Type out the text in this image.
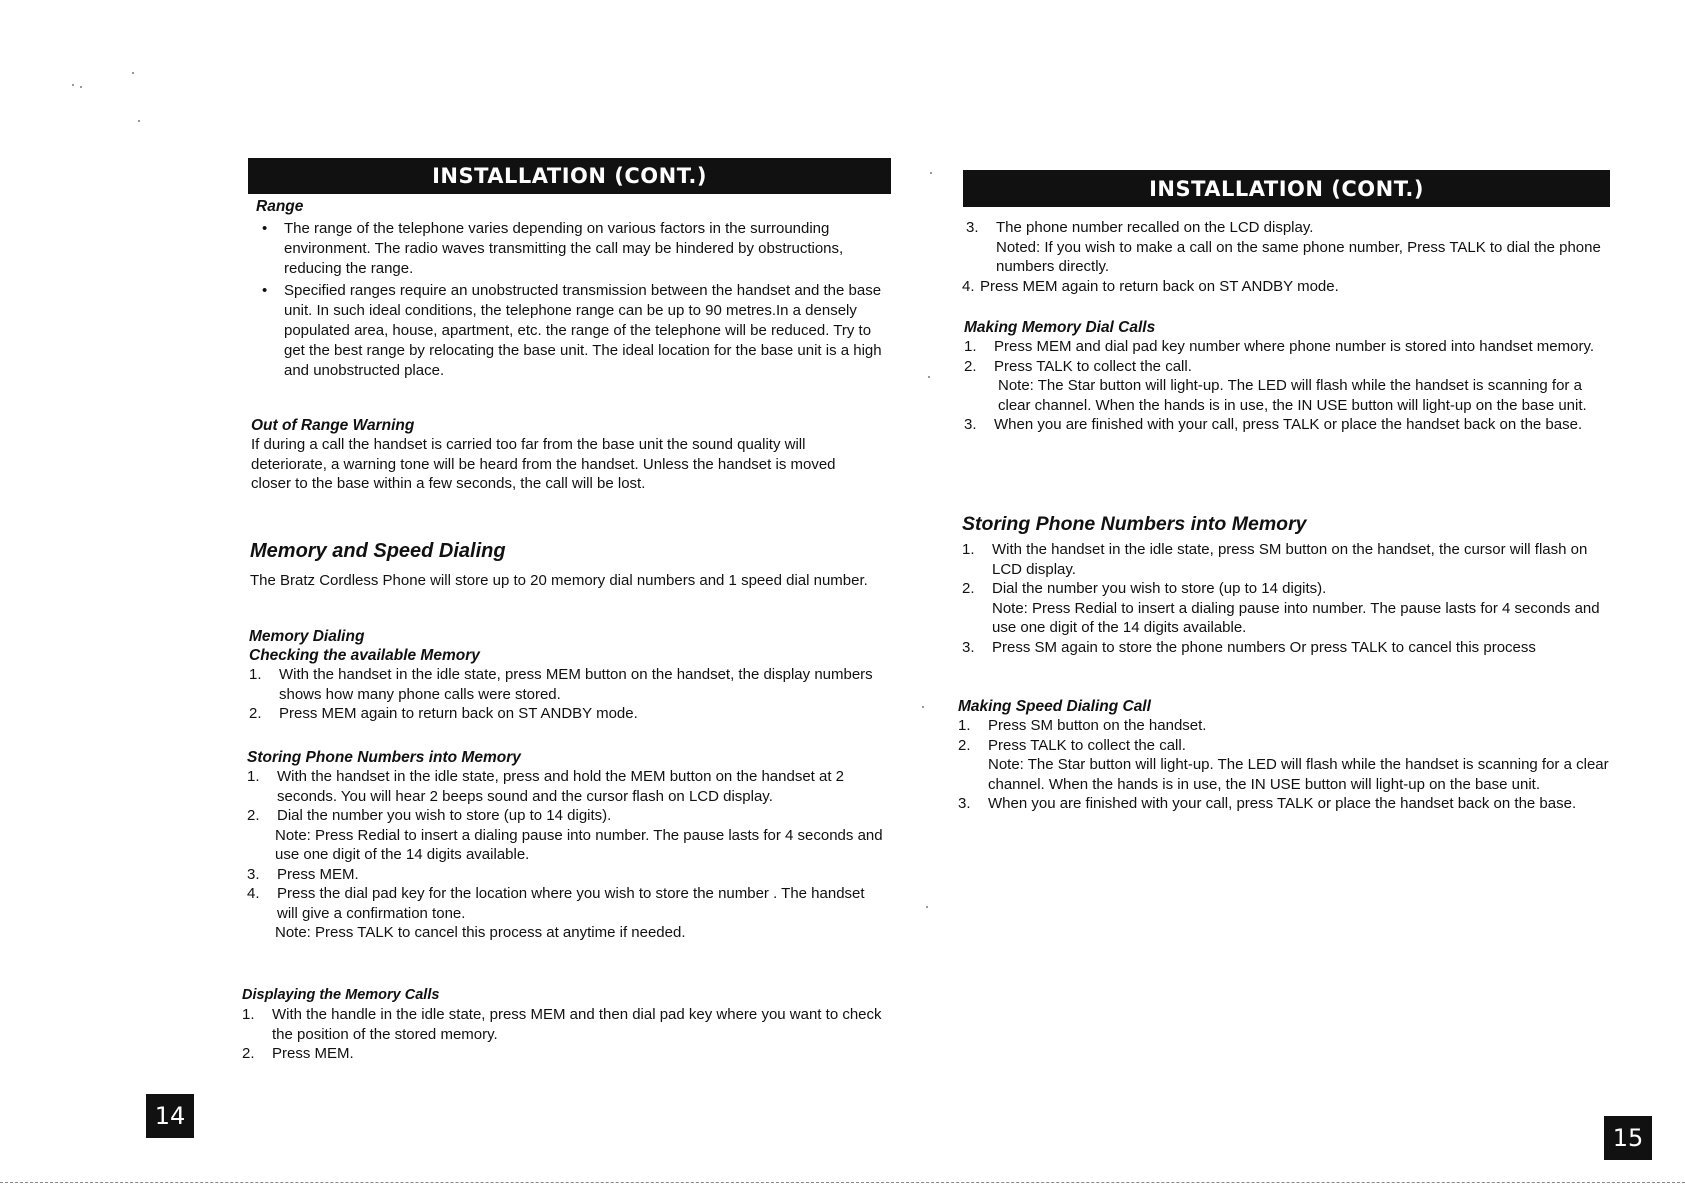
INSTALLATION (CONT.)
INSTALLATION (CONT.)

Range

• The range of the telephone varies depending on various factors in the surrounding environment. The radio waves transmitting the call may be hindered by obstructions, reducing the range.
• Specified ranges require an unobstructed transmission between the handset and the base unit. In such ideal conditions, the telephone range can be up to 90 metres.In a densely populated area, house, apartment, etc. the range of the telephone will be reduced. Try to get the best range by relocating the base unit. The ideal location for the base unit is a high and unobstructed place.

Out of Range Warning

If during a call the handset is carried too far from the base unit the sound quality will deteriorate, a warning tone will be heard from the handset. Unless the handset is moved closer to the base within a few seconds, the call will be lost.

Memory and Speed Dialing

The Bratz Cordless Phone will store up to 20 memory dial numbers and 1 speed dial number.

Memory Dialing

Checking the available Memory

1. With the handset in the idle state, press MEM button on the handset, the display numbers shows how many phone calls were stored.
2. Press MEM again to return back on ST ANDBY mode.

Storing Phone Numbers into Memory

1. With the handset in the idle state, press and hold the MEM button on the handset at 2 seconds. You will hear 2 beeps sound and the cursor flash on LCD display.
2. Dial the number you wish to store (up to 14 digits).
Note: Press Redial to insert a dialing pause into number. The pause lasts for 4 seconds and use one digit of the 14 digits available.
3. Press MEM.
4. Press the dial pad key for the location where you wish to store the number . The handset will give a confirmation tone.
Note: Press TALK to cancel this process at anytime if needed.

Displaying the Memory Calls

1. With the handle in the idle state, press MEM and then dial pad key where you want to check the position of the stored memory.
2. Press MEM.
3. The phone number recalled on the LCD display.
Noted: If you wish to make a call on the same phone number, Press TALK to dial the phone numbers directly.
4. Press MEM again to return back on ST ANDBY mode.

Making Memory Dial Calls

1. Press MEM and dial pad key number where phone number is stored into handset memory.
2. Press TALK to collect the call.
Note: The Star button will light-up. The LED will flash while the handset is scanning for a clear channel. When the hands is in use, the IN USE button will light-up on the base unit.
3. When you are finished with your call, press TALK or place the handset back on the base.

Storing Phone Numbers into Memory

1. With the handset in the idle state, press SM button on the handset, the cursor will flash on LCD display.
2. Dial the number you wish to store (up to 14 digits).
Note: Press Redial to insert a dialing pause into number. The pause lasts for 4 seconds and use one digit of the 14 digits available.
3. Press SM again to store the phone numbers Or press TALK to cancel this process

Making Speed Dialing Call

1. Press SM button on the handset.
2. Press TALK to collect the call.
Note: The Star button will light-up. The LED will flash while the handset is scanning for a clear channel. When the hands is in use, the IN USE button will light-up on the base unit.
3. When you are finished with your call, press TALK or place the handset back on the base.
14
15
